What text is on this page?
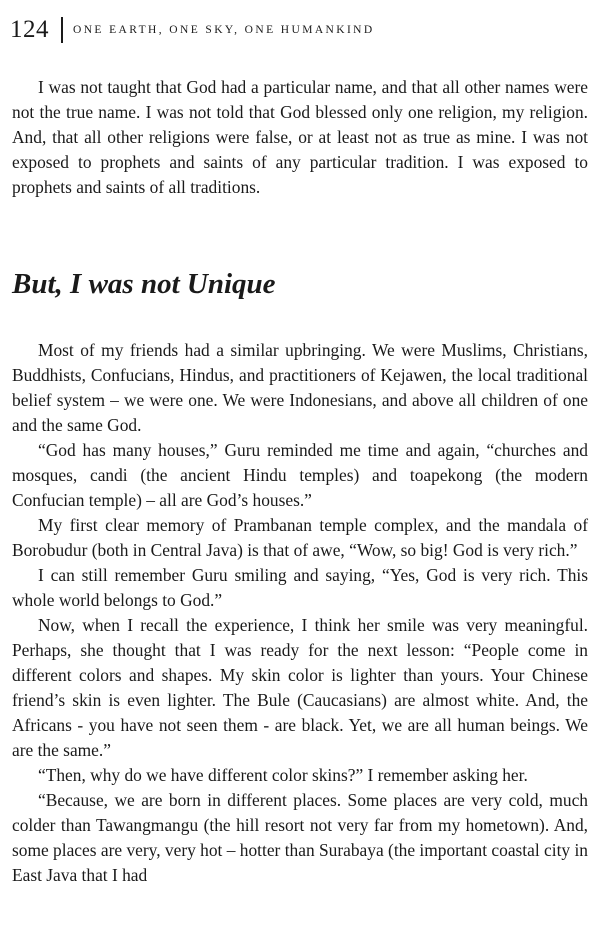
124 ONE EARTH, ONE SKY, ONE HUMANKIND

I was not taught that God had a particular name, and that all other names were not the true name. I was not told that God blessed only one religion, my religion. And, that all other religions were false, or at least not as true as mine. I was not exposed to prophets and saints of any particular tradition. I was exposed to prophets and saints of all traditions.

But, I was not Unique

Most of my friends had a similar upbringing. We were Muslims, Christians, Buddhists, Confucians, Hindus, and practitioners of Kejawen, the local traditional belief system – we were one. We were Indonesians, and above all children of one and the same God.

“God has many houses,” Guru reminded me time and again, “churches and mosques, candi (the ancient Hindu temples) and toapekong (the modern Confucian temple) – all are God’s houses.”

My first clear memory of Prambanan temple complex, and the mandala of Borobudur (both in Central Java) is that of awe, “Wow, so big! God is very rich.”

I can still remember Guru smiling and saying, “Yes, God is very rich. This whole world belongs to God.”

Now, when I recall the experience, I think her smile was very meaningful. Perhaps, she thought that I was ready for the next lesson: “People come in different colors and shapes. My skin color is lighter than yours. Your Chinese friend’s skin is even lighter. The Bule (Caucasians) are almost white. And, the Africans - you have not seen them - are black. Yet, we are all human beings. We are the same.”

“Then, why do we have different color skins?” I remember asking her.

“Because, we are born in different places. Some places are very cold, much colder than Tawangmangu (the hill resort not very far from my hometown). And, some places are very, very hot – hotter than Surabaya (the important coastal city in East Java that I had
